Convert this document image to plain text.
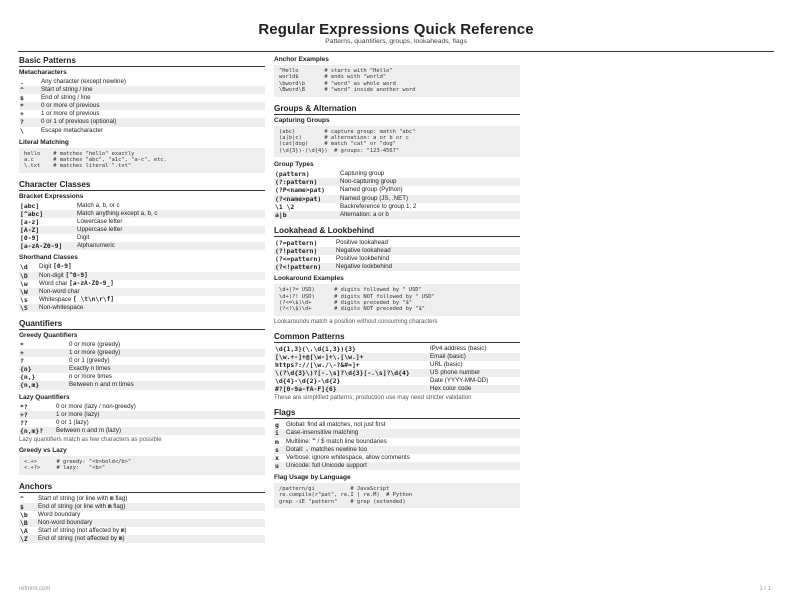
Regular Expressions Quick Reference
Patterns, quantifiers, groups, lookaheads, flags
Basic Patterns
Metacharacters
.	Any character (except newline)
^	Start of string / line
$	End of string / line
*	0 or more of previous
+	1 or more of previous
?	0 or 1 of previous (optional)
\	Escape metacharacter
Literal Matching
hello    # matches "hello" exactly
a.c      # matches "abc", "a1c", "a-c", etc.
\.txt    # matches literal ".txt"
Character Classes
Bracket Expressions
[abc]	Match a, b, or c
[^abc]	Match anything except a, b, c
[a-z]	Lowercase letter
[A-Z]	Uppercase letter
[0-9]	Digit
[a-zA-Z0-9]	Alphanumeric
Shorthand Classes
\d	Digit [0-9]
\D	Non-digit [^0-9]
\w	Word char [a-zA-Z0-9_]
\W	Non-word char
\s	Whitespace [ \t\n\r\f]
\S	Non-whitespace
Quantifiers
Greedy Quantifiers
*	0 or more (greedy)
+	1 or more (greedy)
?	0 or 1 (greedy)
{n}	Exactly n times
{n,}	n or more times
{n,m}	Between n and m times
Lazy Quantifiers
*?	0 or more (lazy / non-greedy)
+?	1 or more (lazy)
??	0 or 1 (lazy)
{n,m}?	Between n and m (lazy)
Lazy quantifiers match as few characters as possible
Greedy vs Lazy
<.+>      # greedy: "<b>bold</b>"
<.+?>     # lazy:   "<b>"
Anchors
^	Start of string (or line with m flag)
$	End of string (or line with m flag)
\b	Word boundary
\B	Non-word boundary
\A	Start of string (not affected by m)
\Z	End of string (not affected by m)
Anchor Examples
^Hello        # starts with "Hello"
world$        # ends with "world"
\bword\b      # "word" as whole word
\Bword\B      # "word" inside another word
Groups & Alternation
Capturing Groups
(abc)         # capture group: match "abc"
(a|b|c)       # alternation: a or b or c
(cat|dog)     # match "cat" or "dog"
(\d{3})-(\d{4})  # groups: "123-4567"
Group Types
(pattern)	Capturing group
(?:pattern)	Non-capturing group
(?P<name>pat)	Named group (Python)
(?<name>pat)	Named group (JS, .NET)
\1 \2	Backreference to group 1, 2
a|b	Alternation: a or b
Lookahead & Lookbehind
(?=pattern)	Positive lookahead
(?!pattern)	Negative lookahead
(?<=pattern)	Positive lookbehind
(?<!pattern)	Negative lookbehind
Lookaround Examples
\d+(?= USD)      # digits followed by " USD"
\d+(?! USD)      # digits NOT followed by " USD"
(?<=\$)\d+       # digits preceded by "$"
(?<!\$)\d+       # digits NOT preceded by "$"
Lookarounds match a position without consuming characters
Common Patterns
\d{1,3}(\.\d{1,3}){3}	IPv4 address (basic)
[\w.+-]+@[\w-]+\.[\w.]+	Email (basic)
https?://[\w./\-?&#=]+	URL (basic)
\(?\d{3}\)?[-.\s]?\d{3}[-.\s]?\d{4}	US phone number
\d{4}-\d{2}-\d{2}	Date (YYYY-MM-DD)
#?[0-9a-fA-F]{6}	Hex color code
These are simplified patterns; production use may need stricter validation
Flags
g	Global: find all matches, not just first
i	Case-insensitive matching
m	Multiline: ^ / $ match line boundaries
s	Dotall: . matches newline too
x	Verbose: ignore whitespace, allow comments
u	Unicode: full Unicode support
Flag Usage by Language
/pattern/gi           # JavaScript
re.compile(r"pat", re.I | re.M)  # Python
grep -iE "pattern"    # grep (extended)
refmint.com	1 / 1
